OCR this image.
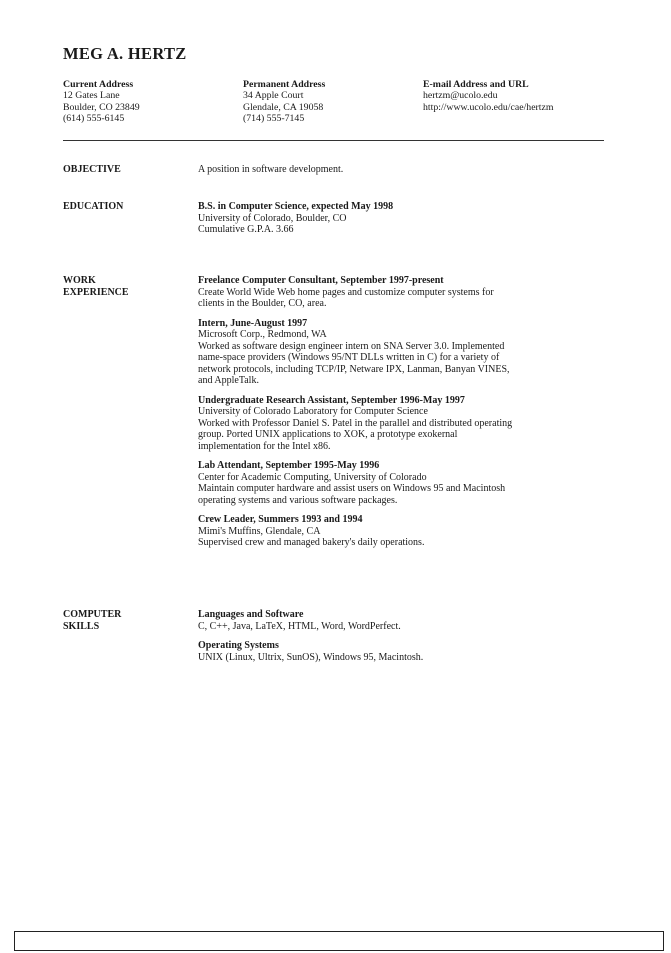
MEG A. HERTZ
Current Address
12 Gates Lane
Boulder, CO 23849
(614) 555-6145
Permanent Address
34 Apple Court
Glendale, CA 19058
(714) 555-7145
E-mail Address and URL
hertzm@ucolo.edu
http://www.ucolo.edu/cae/hertzm
OBJECTIVE	A position in software development.
EDUCATION	B.S. in Computer Science, expected May 1998
University of Colorado, Boulder, CO
Cumulative G.P.A. 3.66
WORK
EXPERIENCE
Freelance Computer Consultant, September 1997-present
Create World Wide Web home pages and customize computer systems for
clients in the Boulder, CO, area.
Intern, June-August 1997
Microsoft Corp., Redmond, WA
Worked as software design engineer intern on SNA Server 3.0. Implemented
name-space providers (Windows 95/NT DLLs written in C) for a variety of
network protocols, including TCP/IP, Netware IPX, Lanman, Banyan VINES,
and AppleTalk.
Undergraduate Research Assistant, September 1996-May 1997
University of Colorado Laboratory for Computer Science
Worked with Professor Daniel S. Patel in the parallel and distributed operating
group. Ported UNIX applications to XOK, a prototype exokernal
implementation for the Intel x86.
Lab Attendant, September 1995-May 1996
Center for Academic Computing, University of Colorado
Maintain computer hardware and assist users on Windows 95 and Macintosh
operating systems and various software packages.
Crew Leader, Summers 1993 and 1994
Mimi's Muffins, Glendale, CA
Supervised crew and managed bakery's daily operations.
COMPUTER
SKILLS
Languages and Software
C, C++, Java, LaTeX, HTML, Word, WordPerfect.
Operating Systems
UNIX (Linux, Ultrix, SunOS), Windows 95, Macintosh.
